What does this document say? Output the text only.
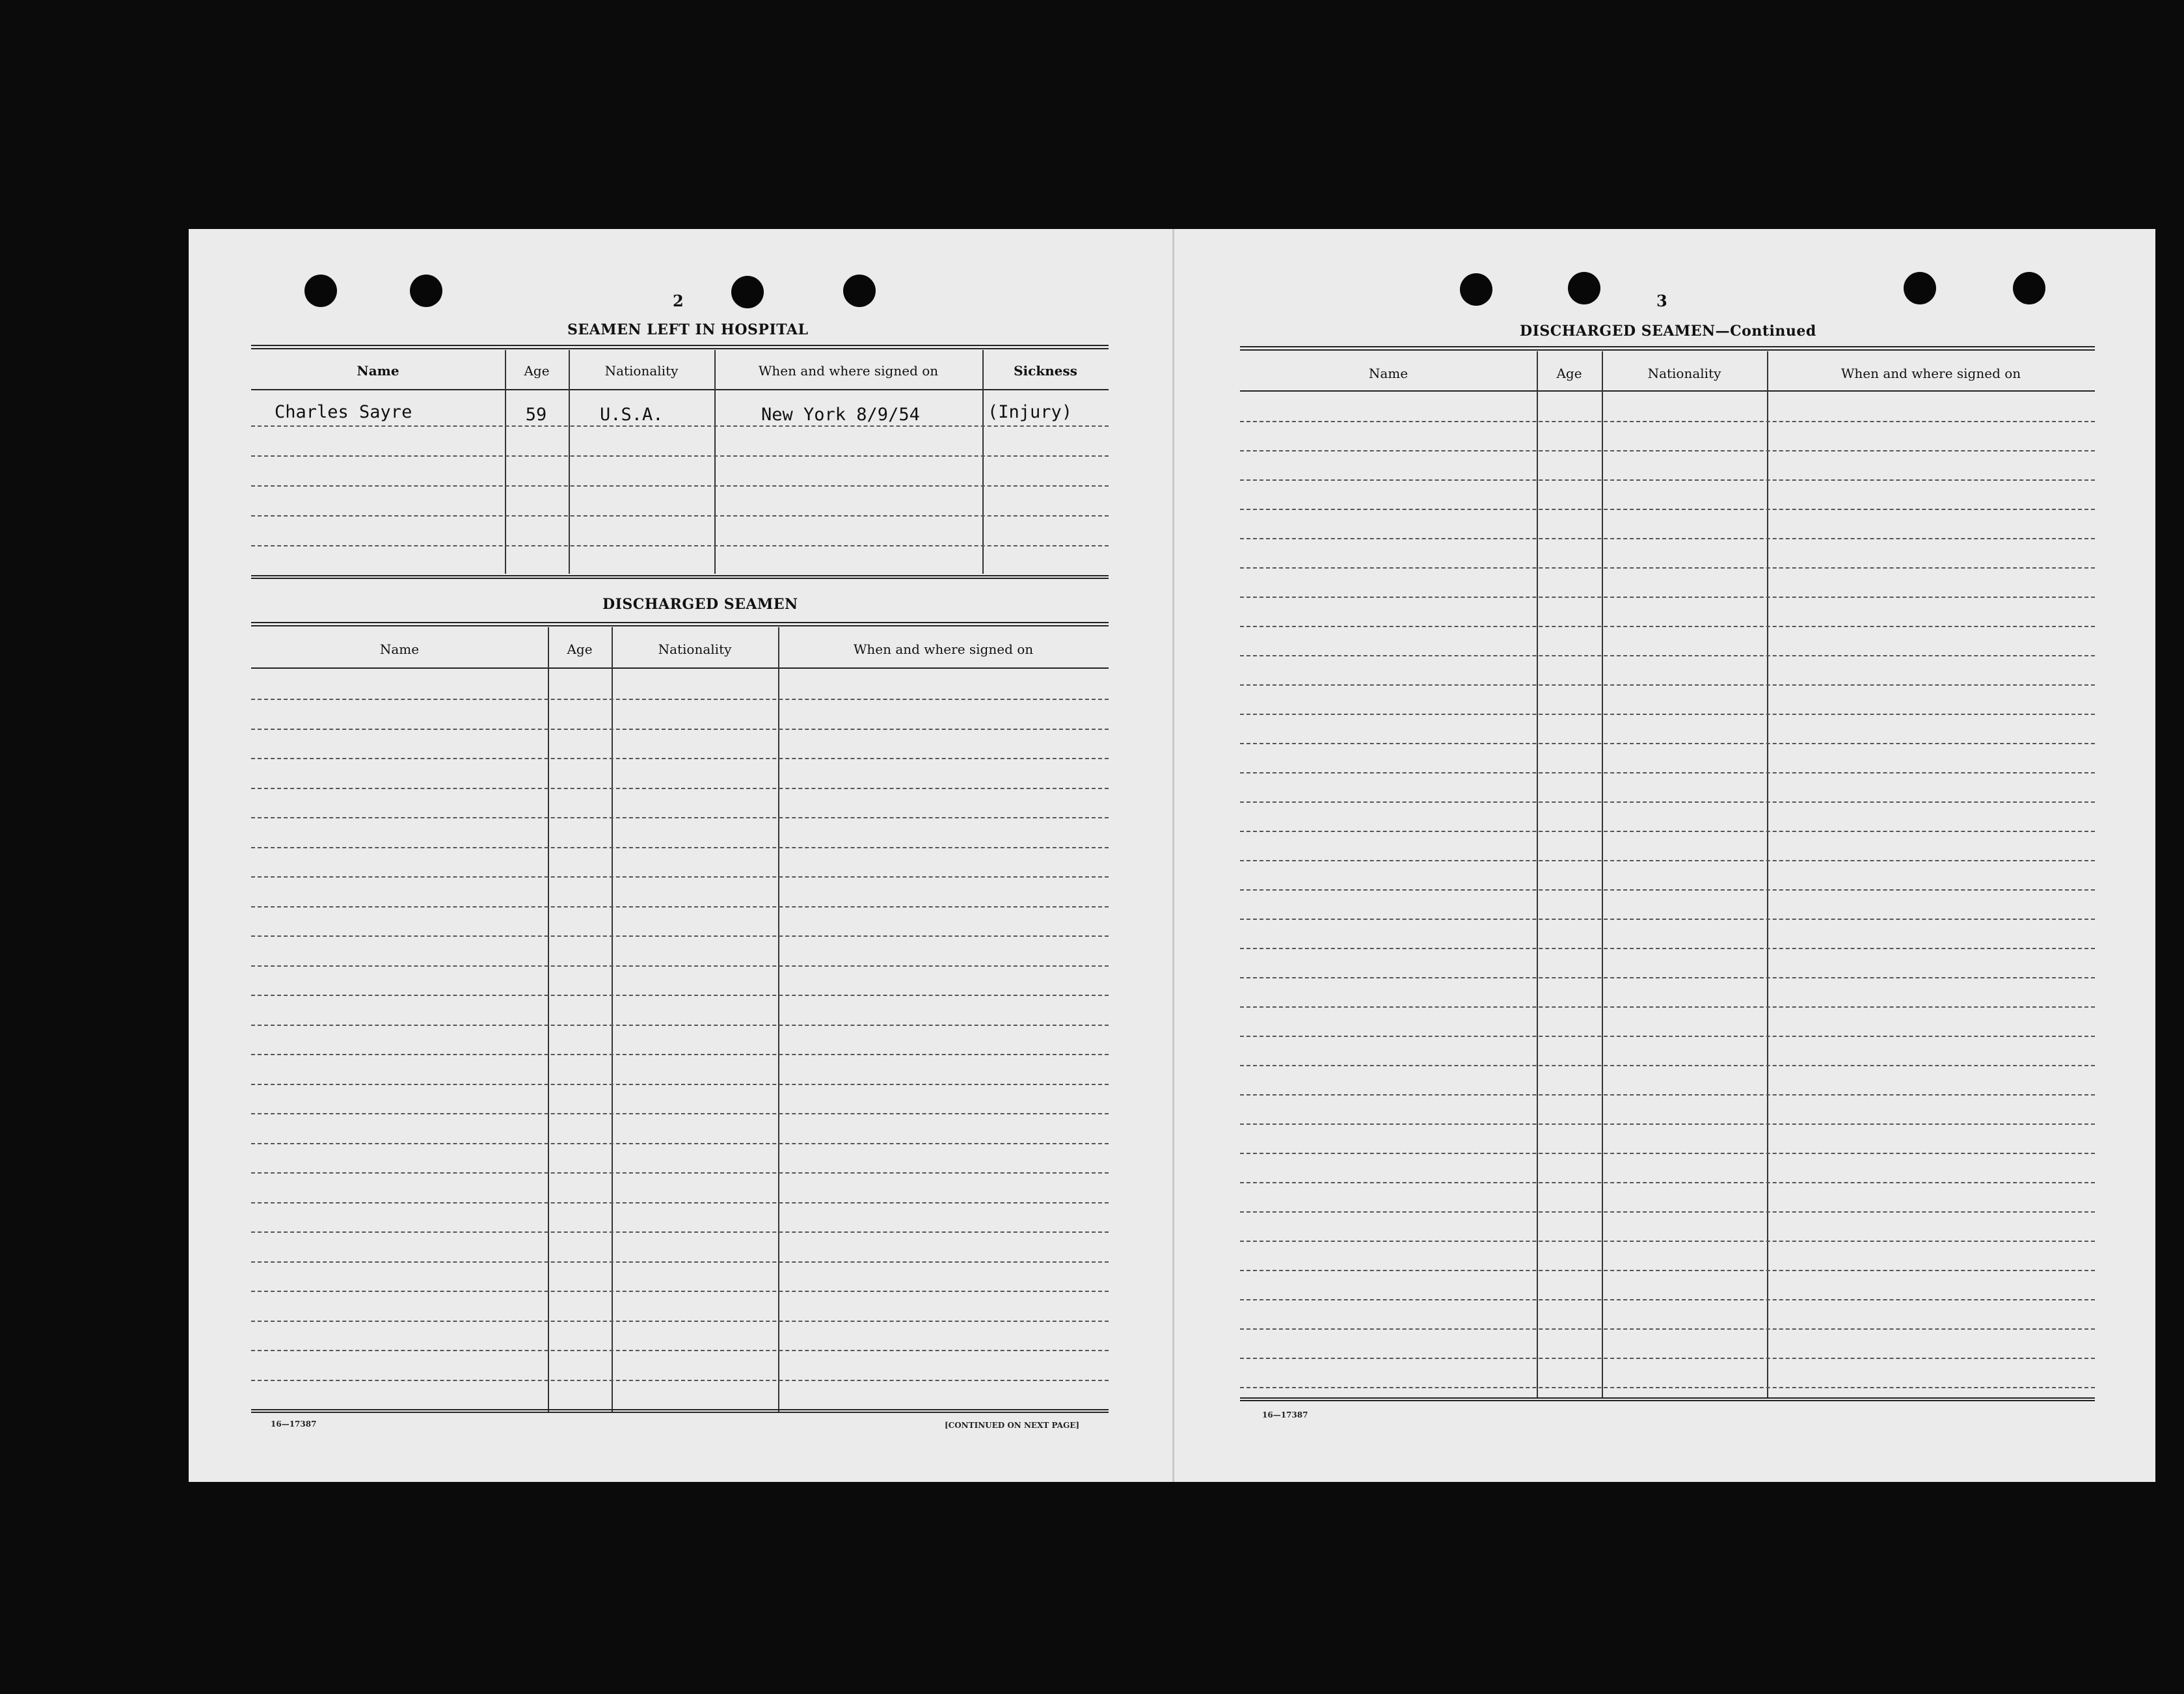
2
SEAMEN LEFT IN HOSPITAL
Name	Age	Nationality	When and where signed on	Sickness
Charles Sayre	59	U.S.A.	New York 8/9/54	(Injury)
DISCHARGED SEAMEN
Name	Age	Nationality	When and where signed on
16—17387	[CONTINUED ON NEXT PAGE]
3
DISCHARGED SEAMEN—Continued
Name	Age	Nationality	When and where signed on
16—17387
